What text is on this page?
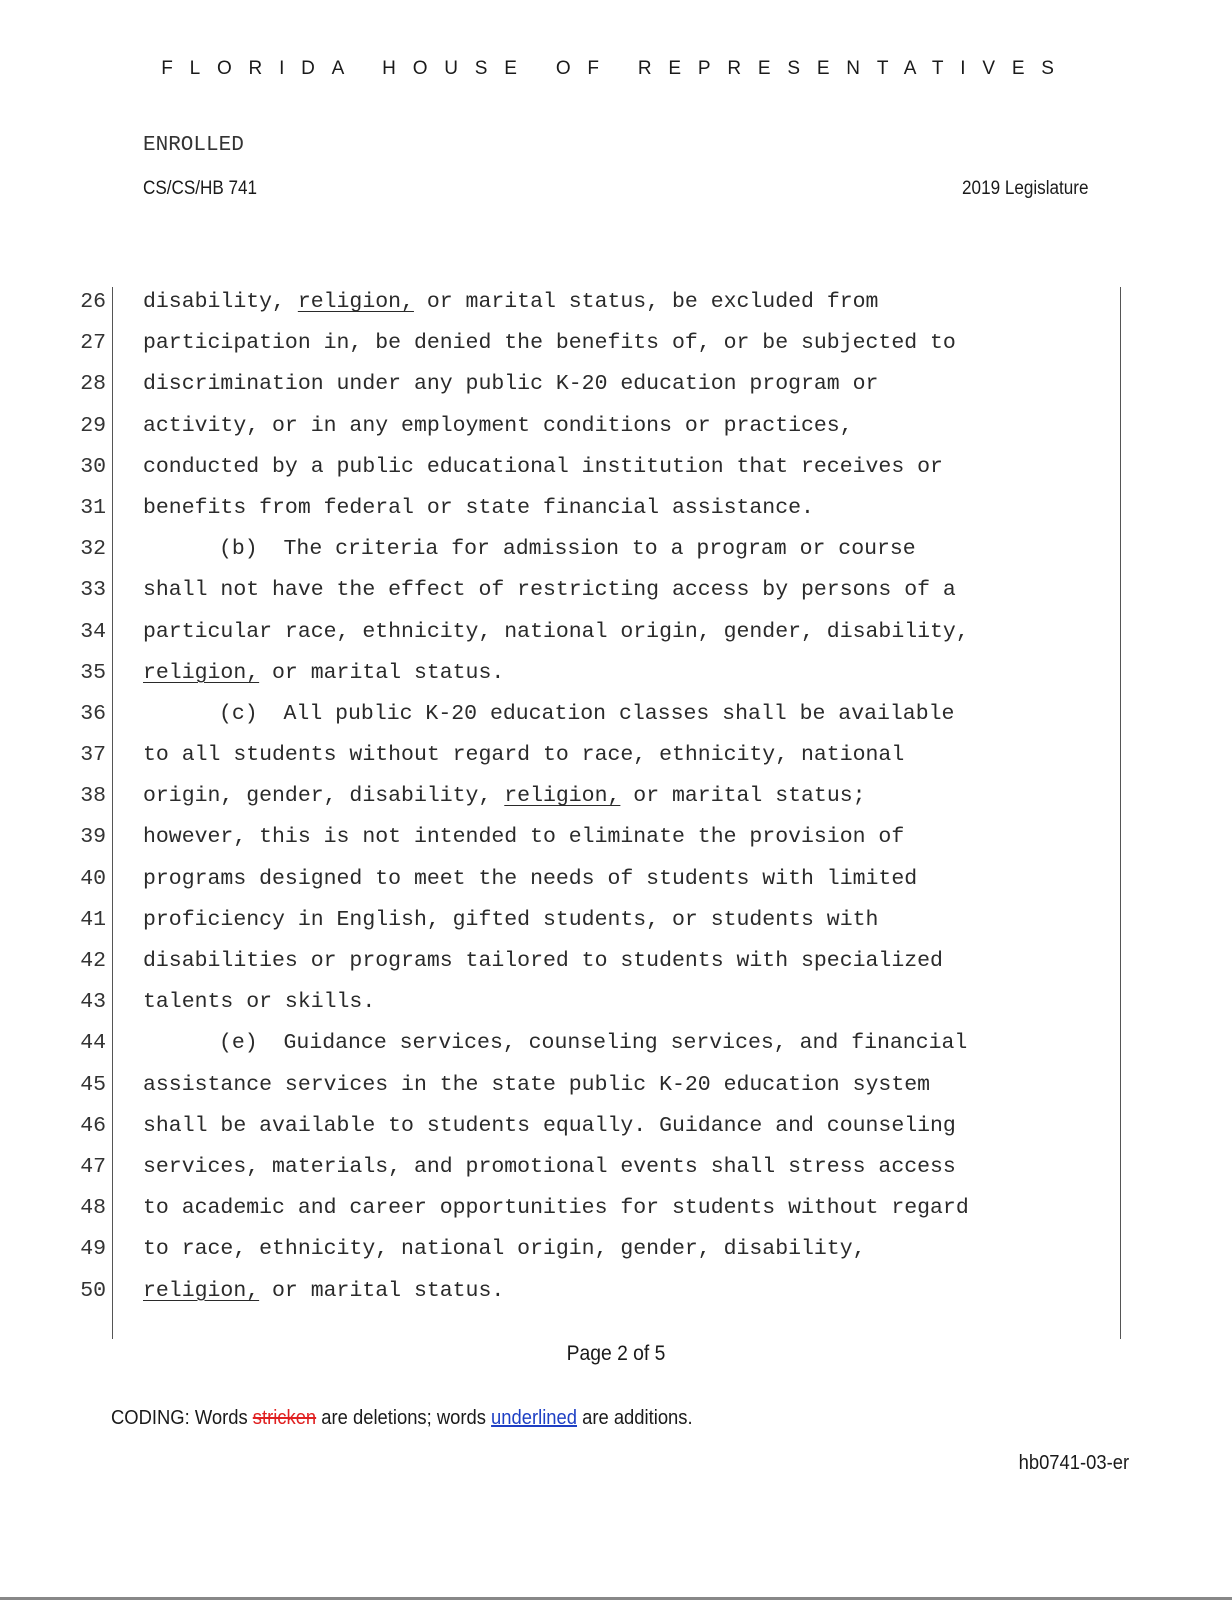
FLORIDA HOUSE OF REPRESENTATIVES
ENROLLED
CS/CS/HB 741	2019 Legislature
26 disability, religion, or marital status, be excluded from
27 participation in, be denied the benefits of, or be subjected to
28 discrimination under any public K-20 education program or
29 activity, or in any employment conditions or practices,
30 conducted by a public educational institution that receives or
31 benefits from federal or state financial assistance.
32	(b)  The criteria for admission to a program or course
33 shall not have the effect of restricting access by persons of a
34 particular race, ethnicity, national origin, gender, disability,
35 religion, or marital status.
36	(c)  All public K-20 education classes shall be available
37 to all students without regard to race, ethnicity, national
38 origin, gender, disability, religion, or marital status;
39 however, this is not intended to eliminate the provision of
40 programs designed to meet the needs of students with limited
41 proficiency in English, gifted students, or students with
42 disabilities or programs tailored to students with specialized
43 talents or skills.
44	(e)  Guidance services, counseling services, and financial
45 assistance services in the state public K-20 education system
46 shall be available to students equally. Guidance and counseling
47 services, materials, and promotional events shall stress access
48 to academic and career opportunities for students without regard
49 to race, ethnicity, national origin, gender, disability,
50 religion, or marital status.
Page 2 of 5
CODING: Words stricken are deletions; words underlined are additions.
hb0741-03-er
